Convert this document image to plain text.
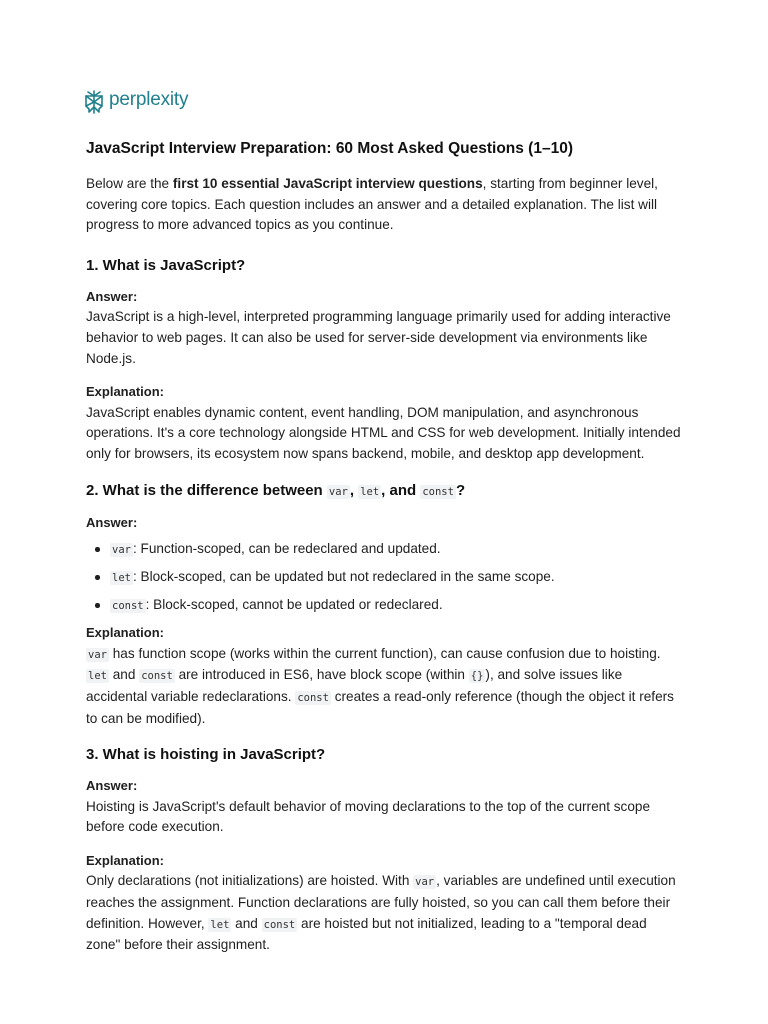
perplexity
JavaScript Interview Preparation: 60 Most Asked Questions (1–10)

Below are the first 10 essential JavaScript interview questions, starting from beginner level, covering core topics. Each question includes an answer and a detailed explanation. The list will progress to more advanced topics as you continue.

1. What is JavaScript?
Answer:

JavaScript is a high-level, interpreted programming language primarily used for adding interactive behavior to web pages. It can also be used for server-side development via environments like Node.js.

Explanation:

JavaScript enables dynamic content, event handling, DOM manipulation, and asynchronous operations. It's a core technology alongside HTML and CSS for web development. Initially intended only for browsers, its ecosystem now spans backend, mobile, and desktop app development.

2. What is the difference between var , let , and const ?
Answer:
var : Function-scoped, can be redeclared and updated.
let : Block-scoped, can be updated but not redeclared in the same scope.
const : Block-scoped, cannot be updated or redeclared.
Explanation:

var has function scope (works within the current function), can cause confusion due to hoisting. let and const are introduced in ES6, have block scope (within {} ), and solve issues like accidental variable redeclarations. const creates a read-only reference (though the object it refers to can be modified).

3. What is hoisting in JavaScript?
Answer:

Hoisting is JavaScript's default behavior of moving declarations to the top of the current scope before code execution.

Explanation:

Only declarations (not initializations) are hoisted. With var , variables are undefined until execution reaches the assignment. Function declarations are fully hoisted, so you can call them before their definition. However, let and const are hoisted but not initialized, leading to a "temporal dead zone" before their assignment.
